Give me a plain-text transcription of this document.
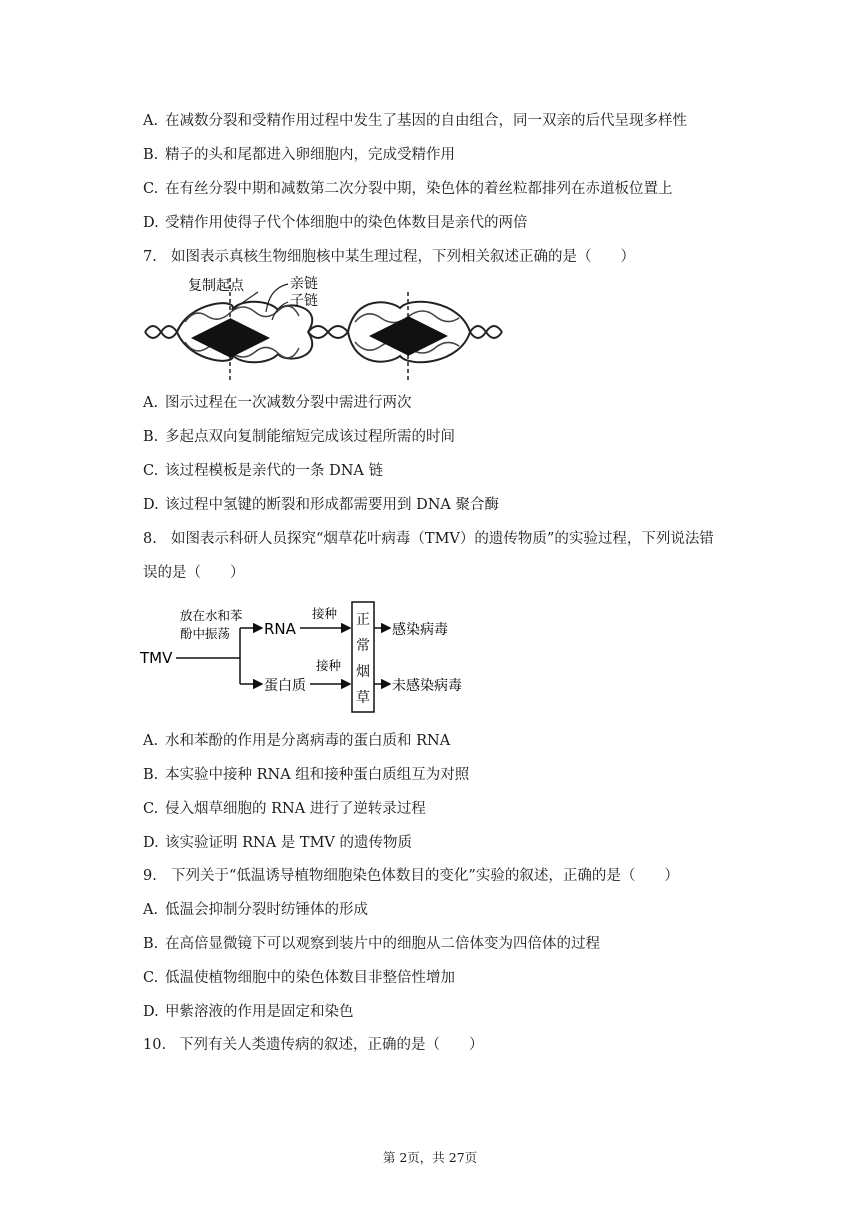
A. 在减数分裂和受精作用过程中发生了基因的自由组合，同一双亲的后代呈现多样性
B. 精子的头和尾都进入卵细胞内，完成受精作用
C. 在有丝分裂中期和减数第二次分裂中期，染色体的着丝粒都排列在赤道板位置上
D. 受精作用使得子代个体细胞中的染色体数目是亲代的两倍
7. 如图表示真核生物细胞核中某生理过程，下列相关叙述正确的是（　　）
复制起点	亲链
子链
A. 图示过程在一次减数分裂中需进行两次
B. 多起点双向复制能缩短完成该过程所需的时间
C. 该过程模板是亲代的一条 DNA 链
D. 该过程中氢键的断裂和形成都需要用到 DNA 聚合酶
8. 如图表示科研人员探究“烟草花叶病毒（TMV）的遗传物质”的实验过程，下列说法错
误的是（　　）
TMV
放在水和苯
酚中振荡 RNA
蛋白质
接种
接种
正
常
烟
草
感染病毒
未感染病毒
A. 水和苯酚的作用是分离病毒的蛋白质和 RNA
B. 本实验中接种 RNA 组和接种蛋白质组互为对照
C. 侵入烟草细胞的 RNA 进行了逆转录过程
D. 该实验证明 RNA 是 TMV 的遗传物质
9. 下列关于“低温诱导植物细胞染色体数目的变化”实验的叙述，正确的是（　　）
A. 低温会抑制分裂时纺锤体的形成
B. 在高倍显微镜下可以观察到装片中的细胞从二倍体变为四倍体的过程
C. 低温使植物细胞中的染色体数目非整倍性增加
D. 甲紫溶液的作用是固定和染色
10. 下列有关人类遗传病的叙述，正确的是（　　）
第 2页，共 27页
